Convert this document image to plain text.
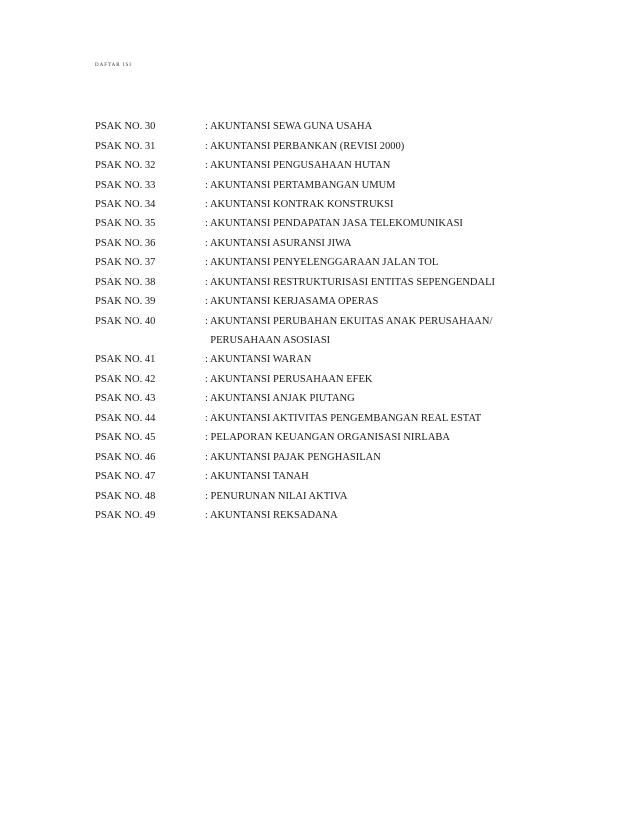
DAFTAR ISI
PSAK NO. 30	: AKUNTANSI SEWA GUNA USAHA
PSAK NO. 31	: AKUNTANSI PERBANKAN (REVISI 2000)
PSAK NO. 32	: AKUNTANSI PENGUSAHAAN HUTAN
PSAK NO. 33	: AKUNTANSI PERTAMBANGAN UMUM
PSAK NO. 34	: AKUNTANSI KONTRAK KONSTRUKSI
PSAK NO. 35	: AKUNTANSI PENDAPATAN JASA TELEKOMUNIKASI
PSAK NO. 36	: AKUNTANSI ASURANSI JIWA
PSAK NO. 37	: AKUNTANSI PENYELENGGARAAN JALAN TOL
PSAK NO. 38	: AKUNTANSI RESTRUKTURISASI ENTITAS SEPENGENDALI
PSAK NO. 39	: AKUNTANSI KERJASAMA OPERAS
PSAK NO. 40	: AKUNTANSI PERUBAHAN EKUITAS ANAK PERUSAHAAN/
PERUSAHAAN ASOSIASI
PSAK NO. 41	: AKUNTANSI WARAN
PSAK NO. 42	: AKUNTANSI PERUSAHAAN EFEK
PSAK NO. 43	: AKUNTANSI ANJAK PIUTANG
PSAK NO. 44	: AKUNTANSI AKTIVITAS PENGEMBANGAN REAL ESTAT
PSAK NO. 45	: PELAPORAN KEUANGAN ORGANISASI NIRLABA
PSAK NO. 46	: AKUNTANSI PAJAK PENGHASILAN
PSAK NO. 47	: AKUNTANSI TANAH
PSAK NO. 48	: PENURUNAN NILAI AKTIVA
PSAK NO. 49	: AKUNTANSI REKSADANA
